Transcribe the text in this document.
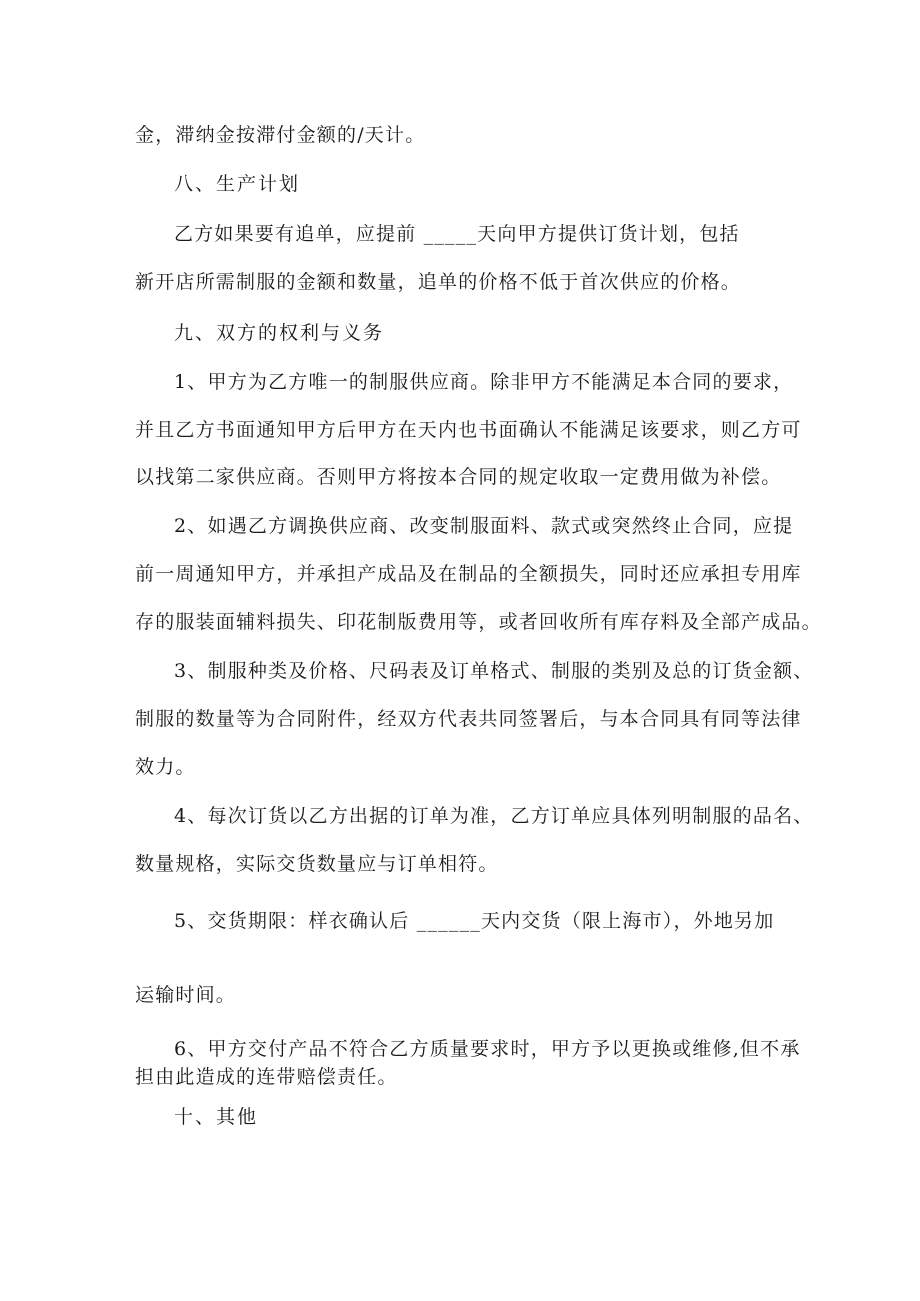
金，滞纳金按滞付金额的/天计。
八、生产计划
乙方如果要有追单，应提前 _____天向甲方提供订货计划，包括
新开店所需制服的金额和数量，追单的价格不低于首次供应的价格。
九、双方的权利与义务
1、甲方为乙方唯一的制服供应商。除非甲方不能满足本合同的要求，
并且乙方书面通知甲方后甲方在天内也书面确认不能满足该要求，则乙方可
以找第二家供应商。否则甲方将按本合同的规定收取一定费用做为补偿。
2、如遇乙方调换供应商、改变制服面料、款式或突然终止合同，应提
前一周通知甲方，并承担产成品及在制品的全额损失，同时还应承担专用库
存的服装面辅料损失、印花制版费用等，或者回收所有库存料及全部产成品。
3、制服种类及价格、尺码表及订单格式、制服的类别及总的订货金额、
制服的数量等为合同附件，经双方代表共同签署后，与本合同具有同等法律
效力。
4、每次订货以乙方出据的订单为准，乙方订单应具体列明制服的品名、
数量规格，实际交货数量应与订单相符。
5、交货期限：样衣确认后 ______天内交货（限上海市），外地另加
运输时间。
6、甲方交付产品不符合乙方质量要求时，甲方予以更换或维修,但不承
担由此造成的连带赔偿责任。
十、其他
